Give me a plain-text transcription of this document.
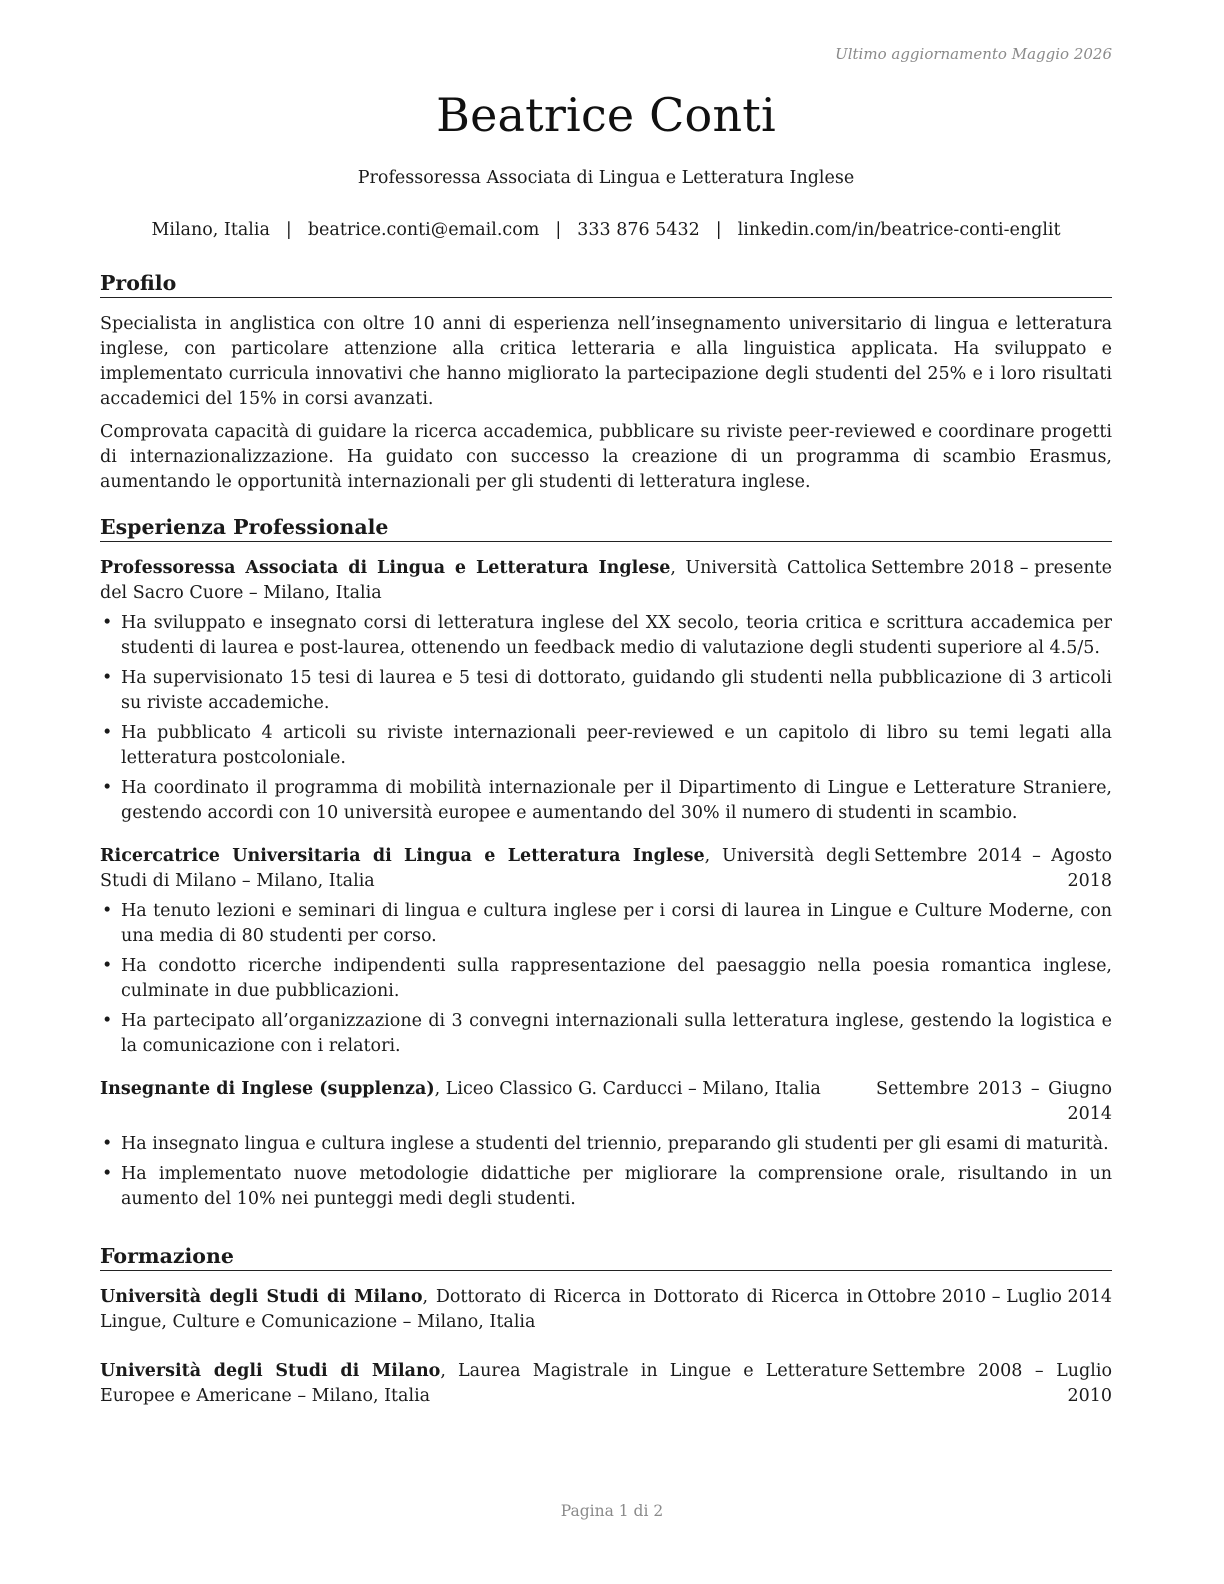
Ultimo aggiornamento Maggio 2026
Beatrice Conti
Professoressa Associata di Lingua e Letteratura Inglese
Milano, Italia | beatrice.conti@email.com | 333 876 5432 | linkedin.com/in/beatrice-conti-englit
Profilo

Specialista in anglistica con oltre 10 anni di esperienza nell’insegnamento universitario di lingua e letteratura inglese, con particolare attenzione alla critica letteraria e alla linguistica applicata. Ha sviluppato e implementato curricula innovativi che hanno migliorato la partecipazione degli studenti del 25% e i loro risultati accademici del 15% in corsi avanzati.

Comprovata capacità di guidare la ricerca accademica, pubblicare su riviste peer-reviewed e coordinare progetti di internazionalizzazione. Ha guidato con successo la creazione di un programma di scambio Erasmus, aumentando le opportunità internazionali per gli studenti di letteratura inglese.

Esperienza Professionale
Professoressa Associata di Lingua e Letteratura Inglese, Università Cattolica del Sacro Cuore – Milano, Italia
Settembre 2018 – presente
• Ha sviluppato e insegnato corsi di letteratura inglese del XX secolo, teoria critica e scrittura accademica per studenti di laurea e post-laurea, ottenendo un feedback medio di valutazione degli studenti superiore al 4.5/5.
• Ha supervisionato 15 tesi di laurea e 5 tesi di dottorato, guidando gli studenti nella pubblicazione di 3 articoli su riviste accademiche.
• Ha pubblicato 4 articoli su riviste internazionali peer-reviewed e un capitolo di libro su temi legati alla letteratura postcoloniale.
• Ha coordinato il programma di mobilità internazionale per il Dipartimento di Lingue e Letterature Straniere, gestendo accordi con 10 università europee e aumentando del 30% il numero di studenti in scambio.
Ricercatrice Universitaria di Lingua e Letteratura Inglese, Università degli Studi di Milano – Milano, Italia
Settembre 2014 – Agosto 2018
• Ha tenuto lezioni e seminari di lingua e cultura inglese per i corsi di laurea in Lingue e Culture Moderne, con una media di 80 studenti per corso.
• Ha condotto ricerche indipendenti sulla rappresentazione del paesaggio nella poesia romantica inglese, culminate in due pubblicazioni.
• Ha partecipato all’organizzazione di 3 convegni internazionali sulla letteratura inglese, gestendo la logistica e la comunicazione con i relatori.
Insegnante di Inglese (supplenza), Liceo Classico G. Carducci – Milano, Italia	Settembre 2013 – Giugno 2014
• Ha insegnato lingua e cultura inglese a studenti del triennio, preparando gli studenti per gli esami di maturità.
• Ha implementato nuove metodologie didattiche per migliorare la comprensione orale, risultando in un aumento del 10% nei punteggi medi degli studenti.
Formazione
Università degli Studi di Milano, Dottorato di Ricerca in Dottorato di Ricerca in Lingue, Culture e Comunicazione – Milano, Italia
Ottobre 2010 – Luglio 2014
Università degli Studi di Milano, Laurea Magistrale in Lingue e Letterature Europee e Americane – Milano, Italia
Settembre 2008 – Luglio 2010
Pagina 1 di 2
